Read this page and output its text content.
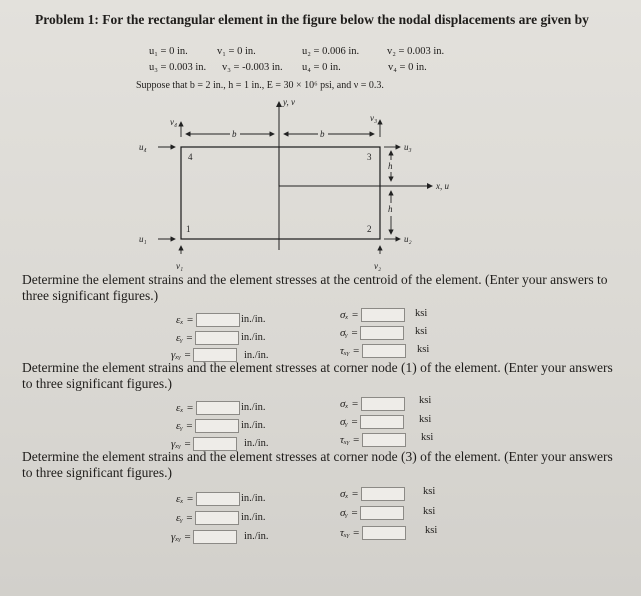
Problem 1: For the rectangular element in the figure below the nodal displacements are given by
u₁ = 0 in.	v₁ = 0 in.	u₂ = 0.006 in.	v₂ = 0.003 in.
u₃ = 0.003 in. v₃ = -0.003 in. u₄ = 0 in.	v₄ = 0 in.
Suppose that b = 2 in., h = 1 in., E = 30 × 10⁶ psi, and ν = 0.3.
y, v
x, u
b	b
h
h
1	2
3
4
v₄
u₄
v₃
u₃
u₁
v₁
u₂
v₂
Determine the element strains and the element stresses at the centroid of the element. (Enter your answers to three significant figures.)
εₓ =	in./in.
εᵧ =	in./in.
γₓᵧ =	in./in.
σₓ =	ksi
σᵧ =	ksi
τₓᵧ =	ksi
Determine the element strains and the element stresses at corner node (1) of the element. (Enter your answers to three significant figures.)
εₓ =	in./in.
εᵧ =	in./in.
γₓᵧ =	in./in.
σₓ =	ksi
σᵧ =	ksi
τₓᵧ =	ksi
Determine the element strains and the element stresses at corner node (3) of the element. (Enter your answers to three significant figures.)
εₓ =	in./in.
εᵧ =	in./in.
γₓᵧ =	in./in.
σₓ =	ksi
σᵧ =	ksi
τₓᵧ =	ksi
